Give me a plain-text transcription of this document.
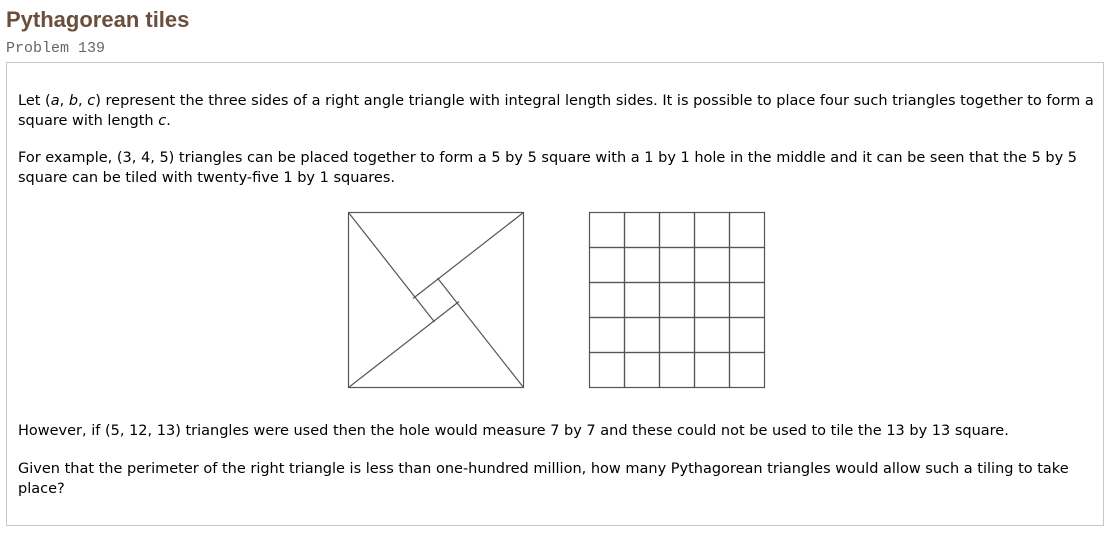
Pythagorean tiles
Problem 139

Let (a, b, c) represent the three sides of a right angle triangle with integral length sides. It is possible to place four such triangles together to form a square with length c.

For example, (3, 4, 5) triangles can be placed together to form a 5 by 5 square with a 1 by 1 hole in the middle and it can be seen that the 5 by 5 square can be tiled with twenty-five 1 by 1 squares.

However, if (5, 12, 13) triangles were used then the hole would measure 7 by 7 and these could not be used to tile the 13 by 13 square.

Given that the perimeter of the right triangle is less than one-hundred million, how many Pythagorean triangles would allow such a tiling to take place?
